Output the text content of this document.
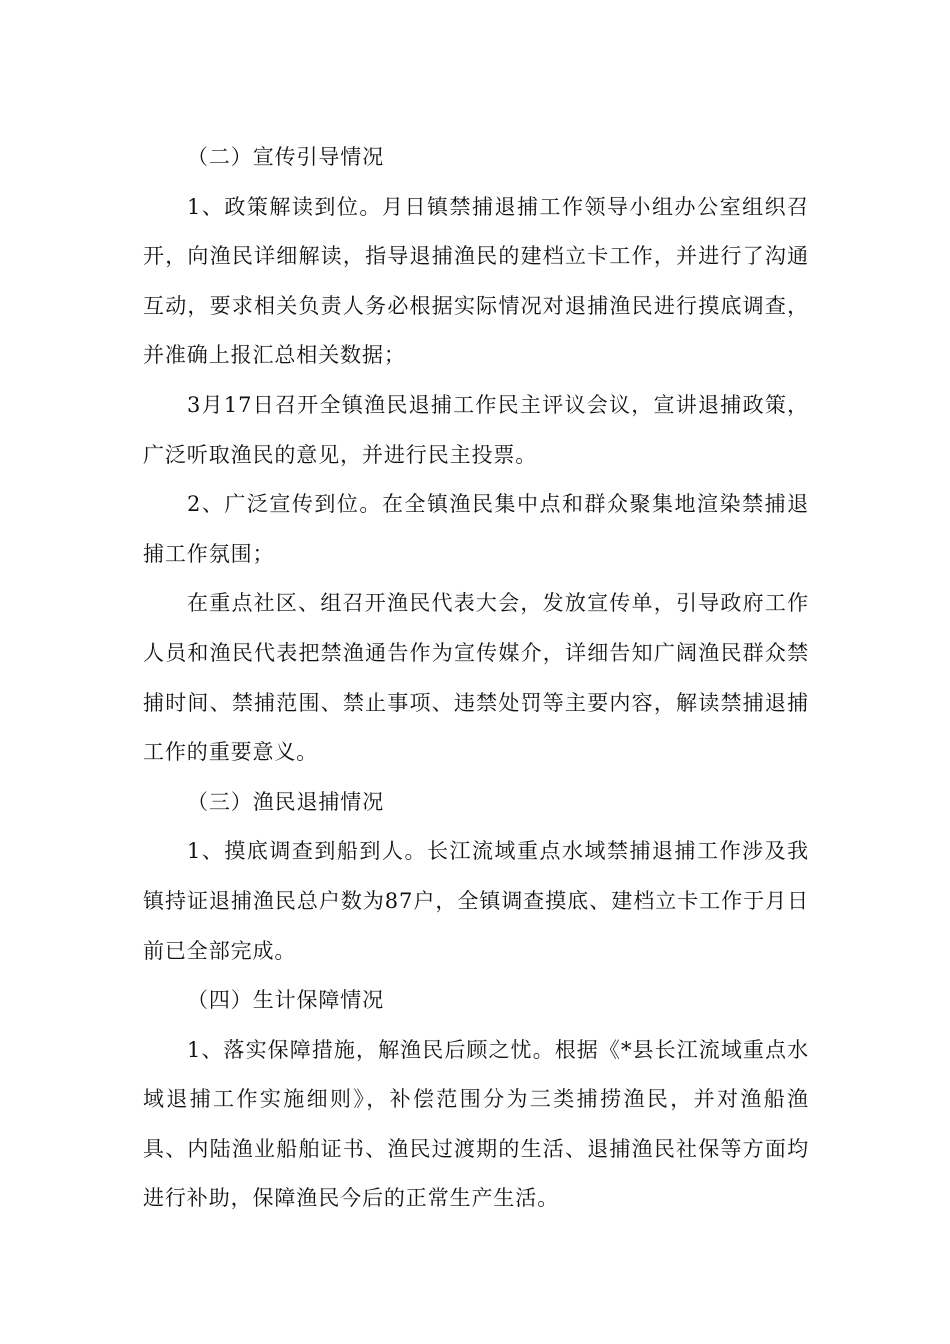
（二）宣传引导情况

1、政策解读到位。月日镇禁捕退捕工作领导小组办公室组织召开，向渔民详细解读，指导退捕渔民的建档立卡工作，并进行了沟通互动，要求相关负责人务必根据实际情况对退捕渔民进行摸底调查，并准确上报汇总相关数据；

3月17日召开全镇渔民退捕工作民主评议会议，宣讲退捕政策，广泛听取渔民的意见，并进行民主投票。

2、广泛宣传到位。在全镇渔民集中点和群众聚集地渲染禁捕退捕工作氛围；

在重点社区、组召开渔民代表大会，发放宣传单，引导政府工作人员和渔民代表把禁渔通告作为宣传媒介，详细告知广阔渔民群众禁捕时间、禁捕范围、禁止事项、违禁处罚等主要内容，解读禁捕退捕工作的重要意义。

（三）渔民退捕情况

1、摸底调查到船到人。长江流域重点水域禁捕退捕工作涉及我镇持证退捕渔民总户数为87户，全镇调查摸底、建档立卡工作于月日前已全部完成。

（四）生计保障情况

1、落实保障措施，解渔民后顾之忧。根据《*县长江流域重点水域退捕工作实施细则》，补偿范围分为三类捕捞渔民，并对渔船渔具、内陆渔业船舶证书、渔民过渡期的生活、退捕渔民社保等方面均进行补助，保障渔民今后的正常生产生活。
